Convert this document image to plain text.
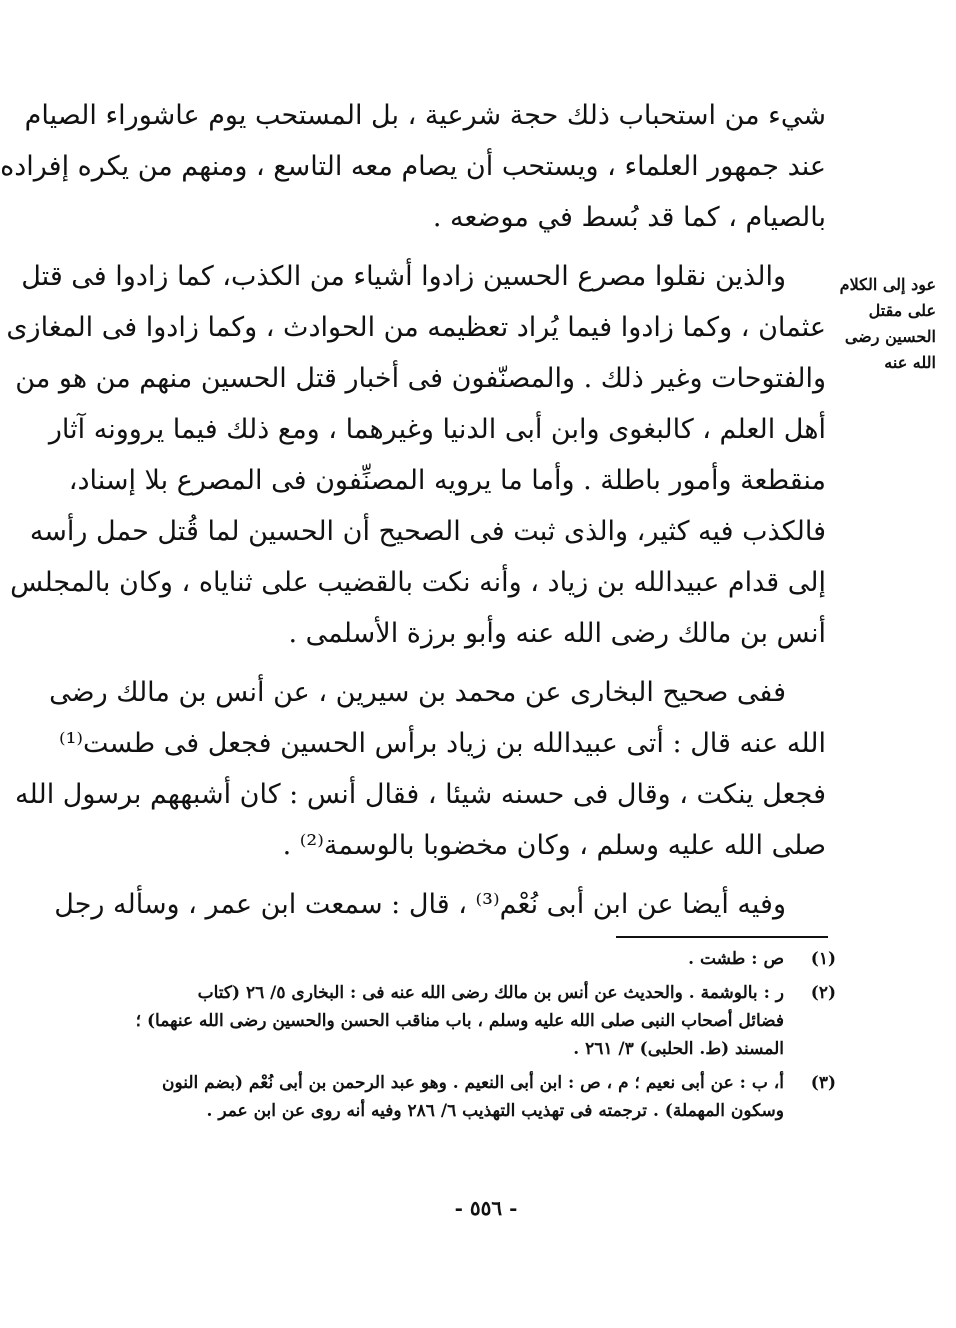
شيء من استحباب ذلك حجة شرعية ، بل المستحب يوم عاشوراء الصيام
عند جمهور العلماء ، ويستحب أن يصام معه التاسع ، ومنهم من يكره إفراده
بالصيام ، كما قد بُسط في موضعه .
والذين نقلوا مصرع الحسين زادوا أشياء من الكذب، كما زادوا فى قتل
عثمان ، وكما زادوا فيما يُراد تعظيمه من الحوادث ، وكما زادوا فى المغازى
والفتوحات وغير ذلك . والمصنّفون فى أخبار قتل الحسين منهم من هو من
أهل العلم ، كالبغوى وابن أبى الدنيا وغيرهما ، ومع ذلك فيما يروونه آثار
منقطعة وأمور باطلة . وأما ما يرويه المصنِّفون فى المصرع بلا إسناد،
فالكذب فيه كثير، والذى ثبت فى الصحيح أن الحسين لما قُتل حمل رأسه
إلى قدام عبيدالله بن زياد ، وأنه نكت بالقضيب على ثناياه ، وكان بالمجلس
أنس بن مالك رضى الله عنه وأبو برزة الأسلمى .
ففى صحيح البخارى عن محمد بن سيرين ، عن أنس بن مالك رضى
الله عنه قال : أتى عبيدالله بن زياد برأس الحسين فجعل فى طست⁽¹⁾
فجعل ينكت ، وقال فى حسنه شيئا ، فقال أنس : كان أشبههم برسول الله
صلى الله عليه وسلم ، وكان مخضوبا بالوسمة⁽²⁾ .
وفيه أيضا عن ابن أبى نُعْم⁽³⁾ ، قال : سمعت ابن عمر ، وسأله رجل
عود إلى الكلام
على مقتل
الحسين رضى
الله عنه
(١)
ص : طشت .
(٢)
ر : بالوشمة . والحديث عن أنس بن مالك رضى الله عنه فى : البخارى ٥/ ٢٦ (كتاب
فضائل أصحاب النبى صلى الله عليه وسلم ، باب مناقب الحسن والحسين رضى الله عنهما) ؛
المسند (ط. الحلبى) ٣/ ٢٦١ .
(٣)
أ، ب : عن أبى نعيم ؛ م ، ص : ابن أبى النعيم . وهو عبد الرحمن بن أبى نُعْم (بضم النون
وسكون المهملة) . ترجمته فى تهذيب التهذيب ٦/ ٢٨٦ وفيه أنه روى عن ابن عمر .
- ٥٥٦ -
